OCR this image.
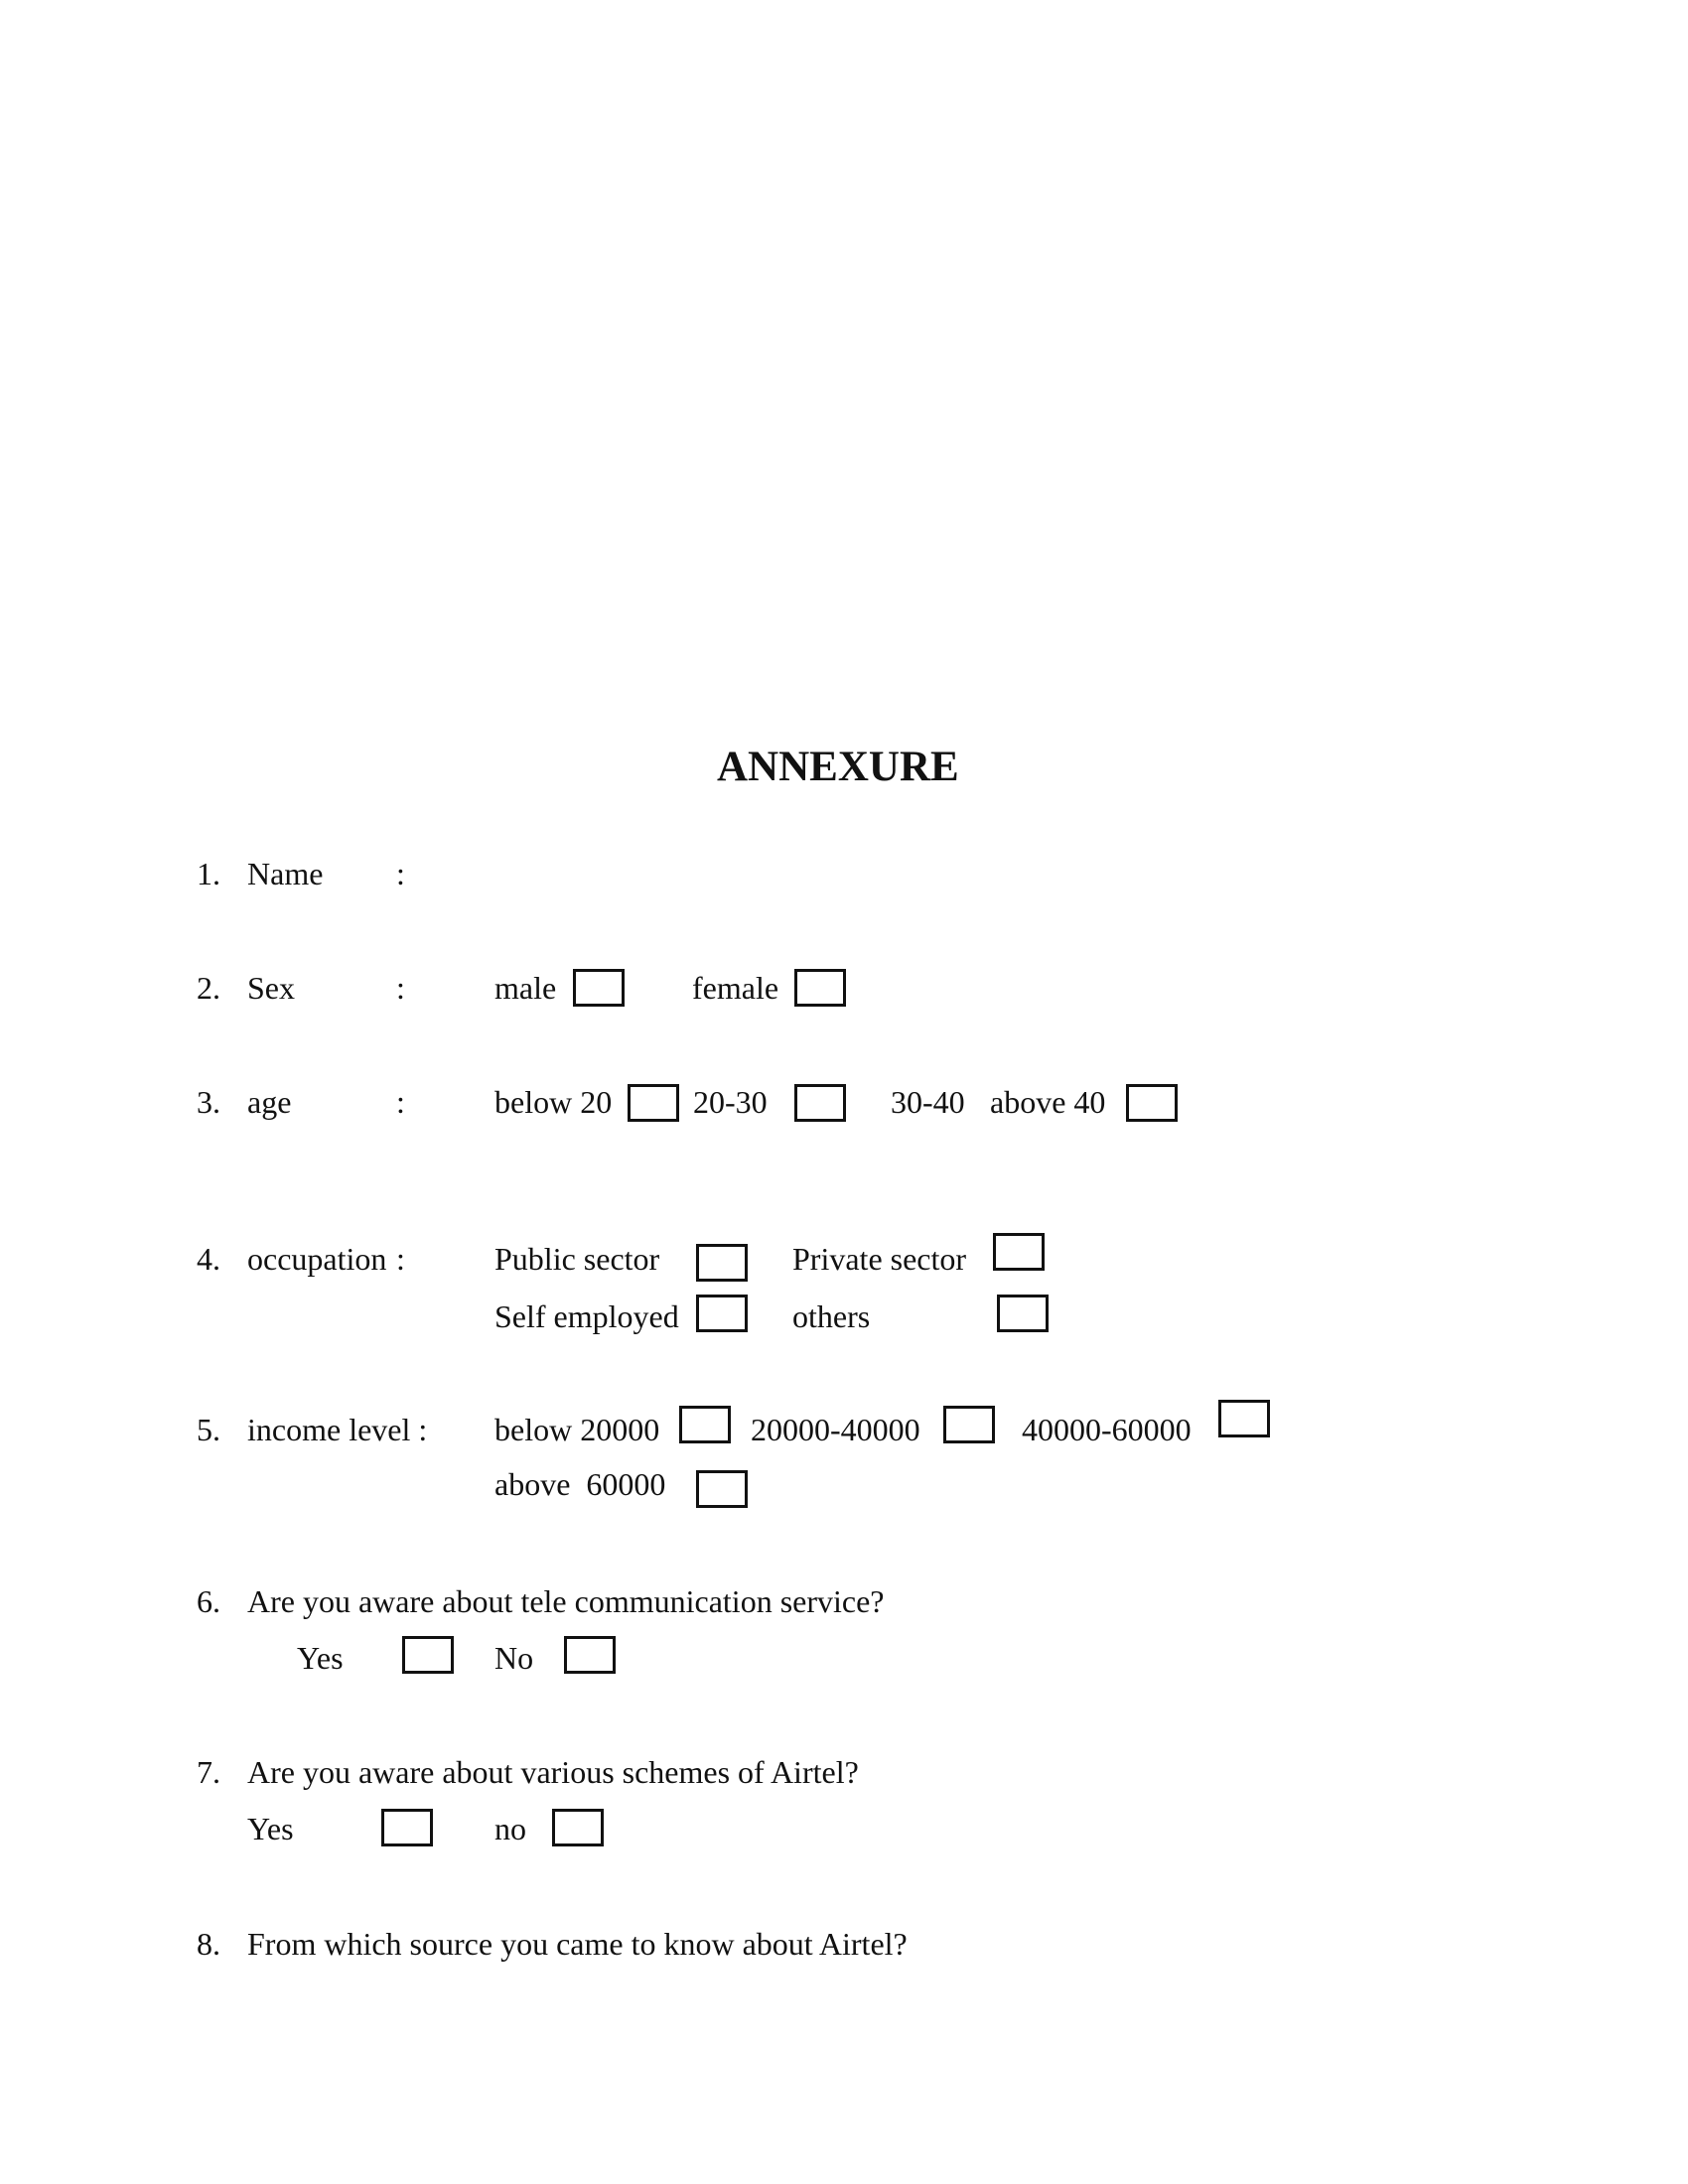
ANNEXURE
1. Name :
2. Sex	:	male	female
3. age	:	below 20	20-30	30-40 above 40
4. occupation :	Public sector	Private sector
Self employed	others
5. income level : below 20000	20000-40000	40000-60000
above  60000
6. Are you aware about tele communication service?
Yes	No
7. Are you aware about various schemes of Airtel?
Yes	no
8. From which source you came to know about Airtel?
